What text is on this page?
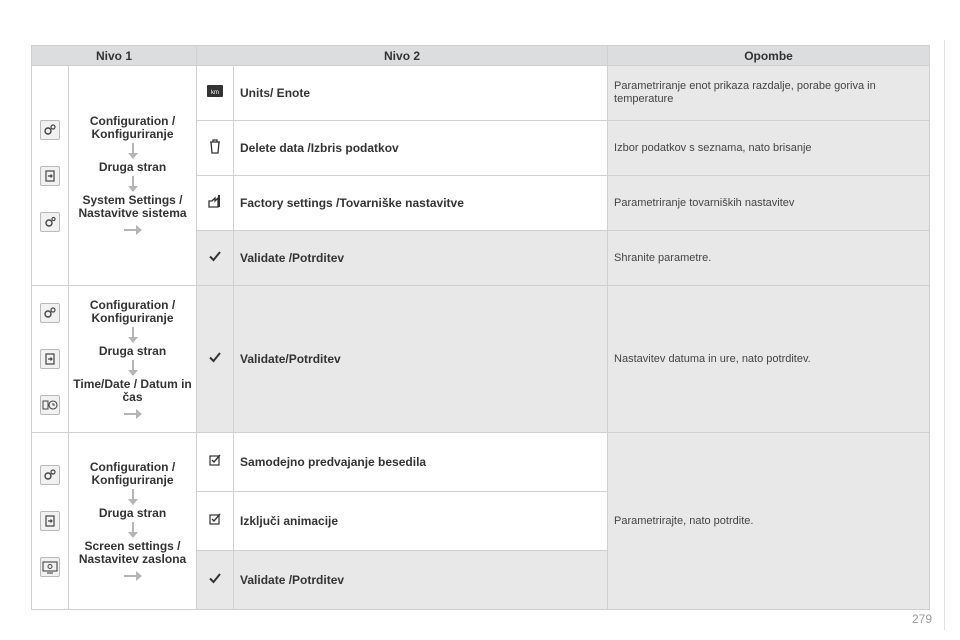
Nivo 1		Nivo 2		Opombe

Configuration / Konfiguriranje
Druga stran
System Settings / Nastavitve sistema	km	Units/ Enote	Parametriranje enot prikaza razdalje, porabe goriva in temperature
	Delete data /Izbris podatkov	Izbor podatkov s seznama, nato brisanje
	Factory settings /Tovarniške nastavitve	Parametriranje tovarniških nastavitev
	Validate /Potrditev	Shranite parametre.

Configuration / Konfiguriranje
Druga stran
Time/Date / Datum in čas		Validate/Potrditev	Nastavitev datuma in ure, nato potrditev.

Configuration / Konfiguriranje
Druga stran
Screen settings / Nastavitev zaslona		Samodejno predvajanje besedila	Parametrirajte, nato potrdite.
	Izključi animacije	
	Validate /Potrditev	
279
